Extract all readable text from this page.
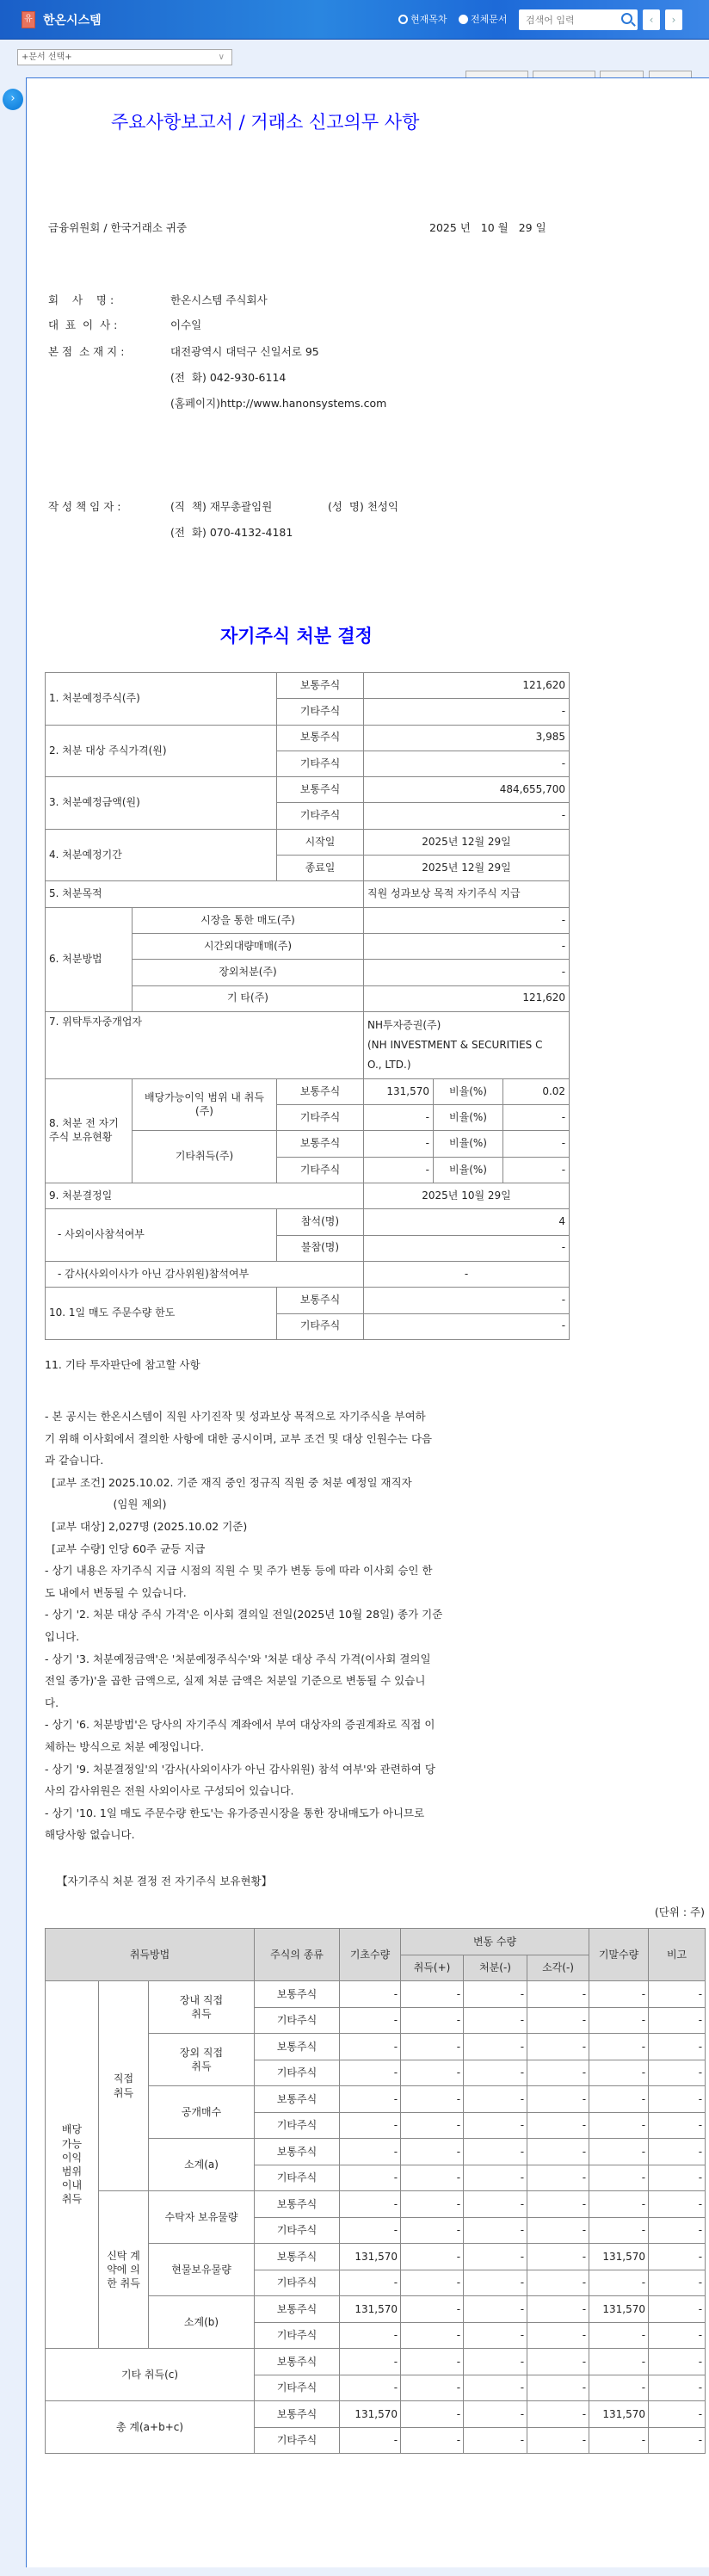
유 한온시스템	현재목차 전체문서
검색어 입력	‹	›
+문서 선택+	∨
›
주요사항보고서 / 거래소 신고의무 사항
금융위원회 / 한국거래소 귀중	2025 년 10 월 29 일
회    사    명 :	한온시스템 주식회사
대  표  이  사 :	이수일
본 점  소 재 지 :	대전광역시 대덕구 신일서로 95
(전  화) 042-930-6114
(홈페이지)http://www.hanonsystems.com
작 성 책 임 자 :	(직  책) 재무총괄임원	(성  명) 천성익
(전  화) 070-4132-4181
자기주식 처분 결정
1. 처분예정주식(주)		보통주식	121,620		
		기타주식	-		
2. 처분 대상 주식가격(원)		보통주식	3,985		
		기타주식	-		
3. 처분예정금액(원)		보통주식	484,655,700		
		기타주식	-		
4. 처분예정기간		시작일	2025년 12월 29일		
		종료일	2025년 12월 29일		
5. 처분목적			직원 성과보상 목적 자기주식 지급		
6. 처분방법	시장을 통한 매도(주)		-		
	시간외대량매매(주)		-		
	장외처분(주)		-		
	기 타(주)		121,620		
7. 위탁투자중개업자			NH투자증권(주)
(NH INVESTMENT & SECURITIES C
O., LTD.)		

8. 처분 전 자기주식 보유현황	배당가능이익 범위 내 취득(주)	보통주식	131,570	비율(%)	0.02
		기타주식	-	비율(%)	-
	기타취득(주)	보통주식	-	비율(%)	-
		기타주식	-	비율(%)	-
9. 처분결정일			2025년 10월 29일		
- 사외이사참석여부		참석(명)	4		
		불참(명)	-		
- 감사(사외이사가 아닌 감사위원)참석여부			-		
10. 1일 매도 주문수량 한도		보통주식	-		
		기타주식	-		
11. 기타 투자판단에 참고할 사항
- 본 공시는 한온시스템이 직원 사기진작 및 성과보상 목적으로 자기주식을 부여하
기 위해 이사회에서 결의한 사항에 대한 공시이며, 교부 조건 및 대상 인원수는 다음
과 같습니다.
[교부 조건] 2025.10.02. 기준 재직 중인 정규직 직원 중 처분 예정일 재직자
(임원 제외)
[교부 대상] 2,027명 (2025.10.02 기준)
[교부 수량] 인당 60주 균등 지급
- 상기 내용은 자기주식 지급 시점의 직원 수 및 주가 변동 등에 따라 이사회 승인 한
도 내에서 변동될 수 있습니다.
- 상기 '2. 처분 대상 주식 가격'은 이사회 결의일 전일(2025년 10월 28일) 종가 기준
입니다.
- 상기 '3. 처분예정금액'은 '처분예정주식수'와 '처분 대상 주식 가격(이사회 결의일
전일 종가)'을 곱한 금액으로, 실제 처분 금액은 처분일 기준으로 변동될 수 있습니
다.
- 상기 '6. 처분방법'은 당사의 자기주식 계좌에서 부여 대상자의 증권계좌로 직접 이
체하는 방식으로 처분 예정입니다.
- 상기 '9. 처분결정일'의 '감사(사외이사가 아닌 감사위원) 참석 여부'와 관련하여 당
사의 감사위원은 전원 사외이사로 구성되어 있습니다.
- 상기 '10. 1일 매도 주문수량 한도'는 유가증권시장을 통한 장내매도가 아니므로
해당사항 없습니다.
【자기주식 처분 결정 전 자기주식 보유현황】
(단위 : 주)
취득방법			주식의 종류	기초수량	변동 수량			기말수량	비고
					취득(+)	처분(-)	소각(-)		
배당 가능 이익 범위 이내 취득	직접 취득	장내 직접 취득	보통주식	-	-	-	-	-	-
			기타주식	-	-	-	-	-	-
		장외 직접 취득	보통주식	-	-	-	-	-	-
			기타주식	-	-	-	-	-	-
		공개매수	보통주식	-	-	-	-	-	-
			기타주식	-	-	-	-	-	-
		소계(a)	보통주식	-	-	-	-	-	-
			기타주식	-	-	-	-	-	-
	신탁 계약에 의한 취득	수탁자 보유물량	보통주식	-	-	-	-	-	-
			기타주식	-	-	-	-	-	-
		현물보유물량	보통주식	131,570	-	-	-	131,570	-
			기타주식	-	-	-	-	-	-
		소계(b)	보통주식	131,570	-	-	-	131,570	-
			기타주식	-	-	-	-	-	-
기타 취득(c)			보통주식	-	-	-	-	-	-
			기타주식	-	-	-	-	-	-
총 계(a+b+c)			보통주식	131,570	-	-	-	131,570	-
			기타주식	-	-	-	-	-	-
